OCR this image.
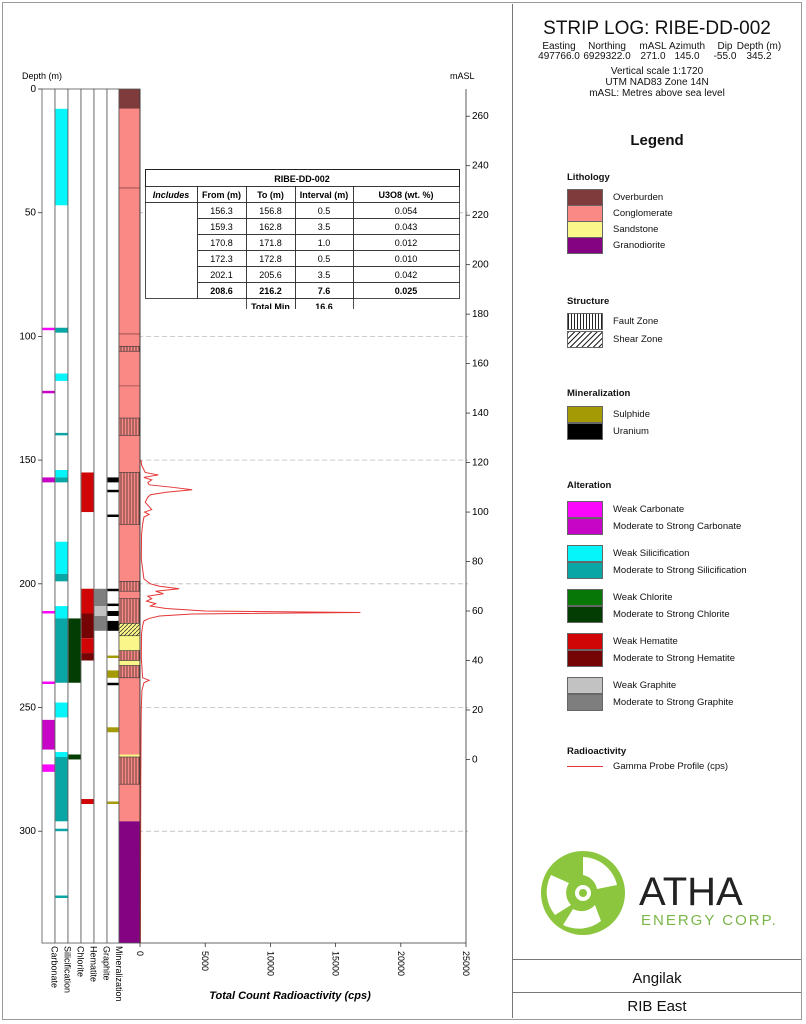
Depth (m)	mASL
Total Count Radioactivity (cps)
Carbonate Silicification Chlorite Hematite Graphite Mineralization
0
50
100
150
200
250
300
260
240
220
200
180
160
140
120
100
80
60
40
20
0
0	5000	10000	15000	20000	25000
RIBE-DD-002
Includes From (m) To (m) Interval (m)	U3O8 (wt. %)
156.3	156.8	0.5	0.054
159.3	162.8	3.5	0.043
170.8	171.8	1.0	0.012
172.3	172.8	0.5	0.010
202.1	205.6	3.5	0.042
208.6	216.2	7.6	0.025
Total Min	16.6
STRIP LOG: RIBE-DD-002
Easting
497766.0
Northing
6929322.0
mASL
271.0
Azimuth
145.0
Dip
-55.0
Depth (m)
345.2
Vertical scale 1:1720
UTM NAD83 Zone 14N
mASL: Metres above sea level
Legend
Lithology
Overburden
Conglomerate
Sandstone
Granodiorite
Structure
Fault Zone
Shear Zone
Mineralization
Sulphide
Uranium
Alteration
Weak Carbonate
Moderate to Strong Carbonate
Weak Silicification
Moderate to Strong Silicification
Weak Chlorite
Moderate to Strong Chlorite
Weak Hematite
Moderate to Strong Hematite
Weak Graphite
Moderate to Strong Graphite
Radioactivity
Gamma Probe Profile (cps)
ATHA
ENERGY CORP.
Angilak
RIB East
